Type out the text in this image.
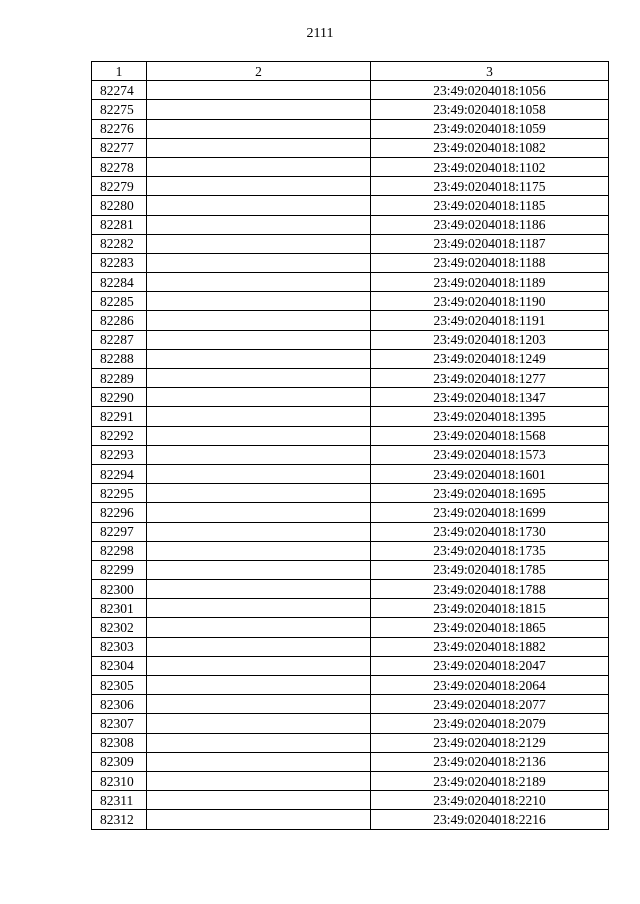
2111
1	2	3
82274		23:49:0204018:1056
82275		23:49:0204018:1058
82276		23:49:0204018:1059
82277		23:49:0204018:1082
82278		23:49:0204018:1102
82279		23:49:0204018:1175
82280		23:49:0204018:1185
82281		23:49:0204018:1186
82282		23:49:0204018:1187
82283		23:49:0204018:1188
82284		23:49:0204018:1189
82285		23:49:0204018:1190
82286		23:49:0204018:1191
82287		23:49:0204018:1203
82288		23:49:0204018:1249
82289		23:49:0204018:1277
82290		23:49:0204018:1347
82291		23:49:0204018:1395
82292		23:49:0204018:1568
82293		23:49:0204018:1573
82294		23:49:0204018:1601
82295		23:49:0204018:1695
82296		23:49:0204018:1699
82297		23:49:0204018:1730
82298		23:49:0204018:1735
82299		23:49:0204018:1785
82300		23:49:0204018:1788
82301		23:49:0204018:1815
82302		23:49:0204018:1865
82303		23:49:0204018:1882
82304		23:49:0204018:2047
82305		23:49:0204018:2064
82306		23:49:0204018:2077
82307		23:49:0204018:2079
82308		23:49:0204018:2129
82309		23:49:0204018:2136
82310		23:49:0204018:2189
82311		23:49:0204018:2210
82312		23:49:0204018:2216
